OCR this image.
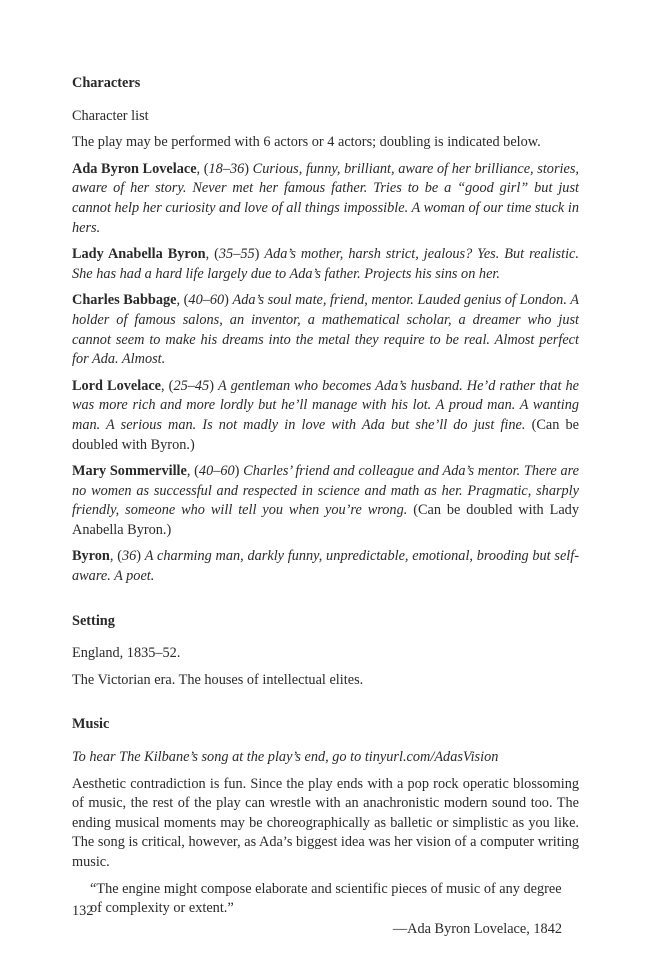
Characters

Character list

The play may be performed with 6 actors or 4 actors; doubling is indicated below.

Ada Byron Lovelace, (18–36) Curious, funny, brilliant, aware of her brilliance, stories, aware of her story. Never met her famous father. Tries to be a “good girl” but just cannot help her curiosity and love of all things impossible. A woman of our time stuck in hers.

Lady Anabella Byron, (35–55) Ada’s mother, harsh strict, jealous? Yes. But realistic. She has had a hard life largely due to Ada’s father. Projects his sins on her.

Charles Babbage, (40–60) Ada’s soul mate, friend, mentor. Lauded genius of London. A holder of famous salons, an inventor, a mathematical scholar, a dreamer who just cannot seem to make his dreams into the metal they require to be real. Almost perfect for Ada. Almost.

Lord Lovelace, (25–45) A gentleman who becomes Ada’s husband. He’d rather that he was more rich and more lordly but he’ll manage with his lot. A proud man. A wanting man. A serious man. Is not madly in love with Ada but she’ll do just fine. (Can be doubled with Byron.)

Mary Sommerville, (40–60) Charles’ friend and colleague and Ada’s mentor. There are no women as successful and respected in science and math as her. Pragmatic, sharply friendly, someone who will tell you when you’re wrong. (Can be doubled with Lady Anabella Byron.)

Byron, (36) A charming man, darkly funny, unpredictable, emotional, brooding but self-aware. A poet.

Setting

England, 1835–52.

The Victorian era. The houses of intellectual elites.

Music

To hear The Kilbane’s song at the play’s end, go to tinyurl.com/AdasVision

Aesthetic contradiction is fun. Since the play ends with a pop rock operatic blossoming of music, the rest of the play can wrestle with an anachronistic modern sound too. The ending musical moments may be choreographically as balletic or simplistic as you like. The song is critical, however, as Ada’s biggest idea was her vision of a computer writing music.

“The engine might compose elaborate and scientific pieces of music of any degree of complexity or extent.”
—Ada Byron Lovelace, 1842
132
